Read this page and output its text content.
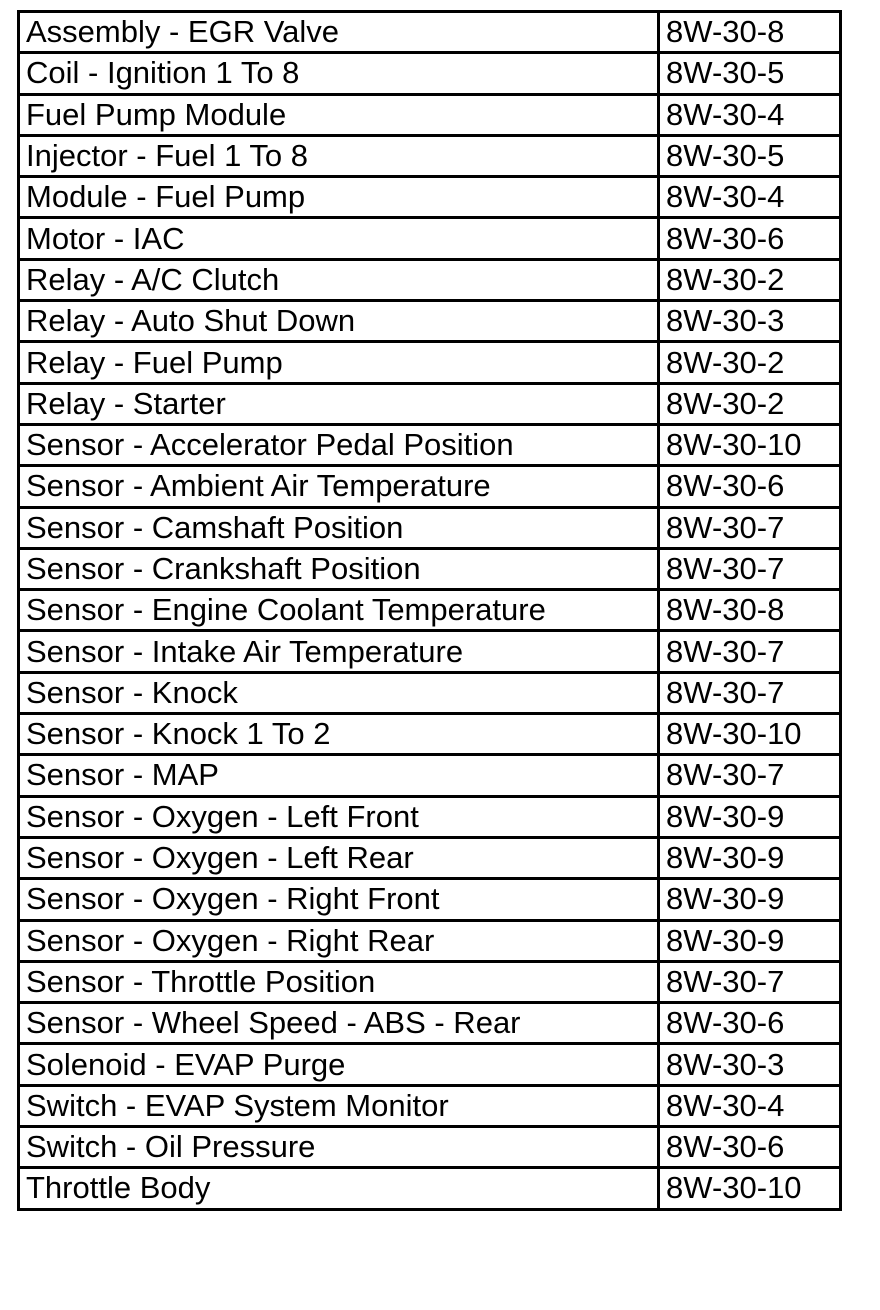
Assembly - EGR Valve	8W-30-8
Coil - Ignition 1 To 8	8W-30-5
Fuel Pump Module	8W-30-4
Injector - Fuel 1 To 8	8W-30-5
Module - Fuel Pump	8W-30-4
Motor - IAC	8W-30-6
Relay - A/C Clutch	8W-30-2
Relay - Auto Shut Down	8W-30-3
Relay - Fuel Pump	8W-30-2
Relay - Starter	8W-30-2
Sensor - Accelerator Pedal Position	8W-30-10
Sensor - Ambient Air Temperature	8W-30-6
Sensor - Camshaft Position	8W-30-7
Sensor - Crankshaft Position	8W-30-7
Sensor - Engine Coolant Temperature	8W-30-8
Sensor - Intake Air Temperature	8W-30-7
Sensor - Knock	8W-30-7
Sensor - Knock 1 To 2	8W-30-10
Sensor - MAP	8W-30-7
Sensor - Oxygen - Left Front	8W-30-9
Sensor - Oxygen - Left Rear	8W-30-9
Sensor - Oxygen - Right Front	8W-30-9
Sensor - Oxygen - Right Rear	8W-30-9
Sensor - Throttle Position	8W-30-7
Sensor - Wheel Speed - ABS - Rear	8W-30-6
Solenoid - EVAP Purge	8W-30-3
Switch - EVAP System Monitor	8W-30-4
Switch - Oil Pressure	8W-30-6
Throttle Body	8W-30-10
